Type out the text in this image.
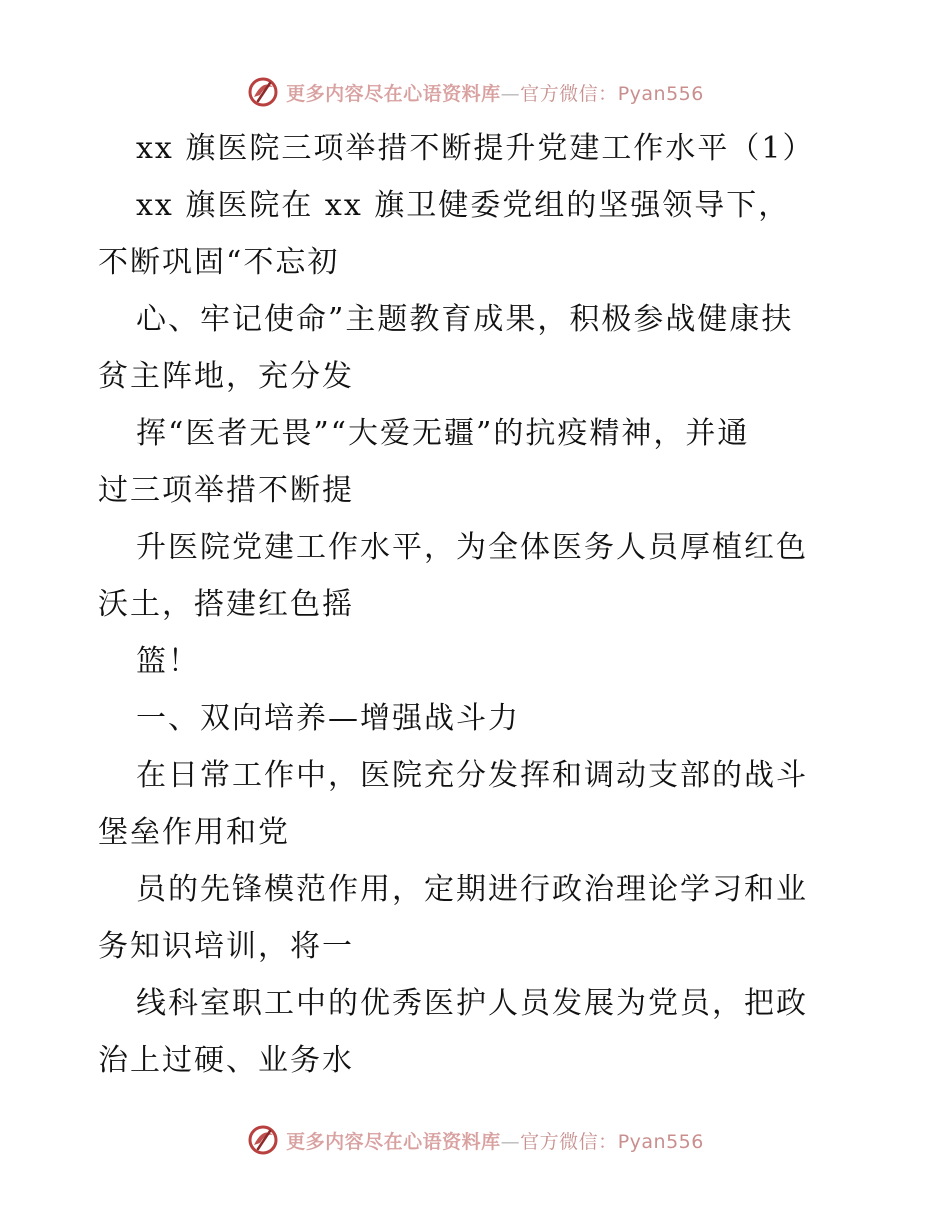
更多内容尽在心语资料库—官方微信：Pyan556
xx 旗医院三项举措不断提升党建工作水平（1）
xx 旗医院在 xx 旗卫健委党组的坚强领导下，
不断巩固“不忘初
心、牢记使命”主题教育成果，积极参战健康扶
贫主阵地，充分发
挥“医者无畏”“大爱无疆”的抗疫精神，并通
过三项举措不断提
升医院党建工作水平，为全体医务人员厚植红色
沃土，搭建红色摇
篮！
一、双向培养—增强战斗力
在日常工作中，医院充分发挥和调动支部的战斗
堡垒作用和党
员的先锋模范作用，定期进行政治理论学习和业
务知识培训，将一
线科室职工中的优秀医护人员发展为党员，把政
治上过硬、业务水
更多内容尽在心语资料库—官方微信：Pyan556
